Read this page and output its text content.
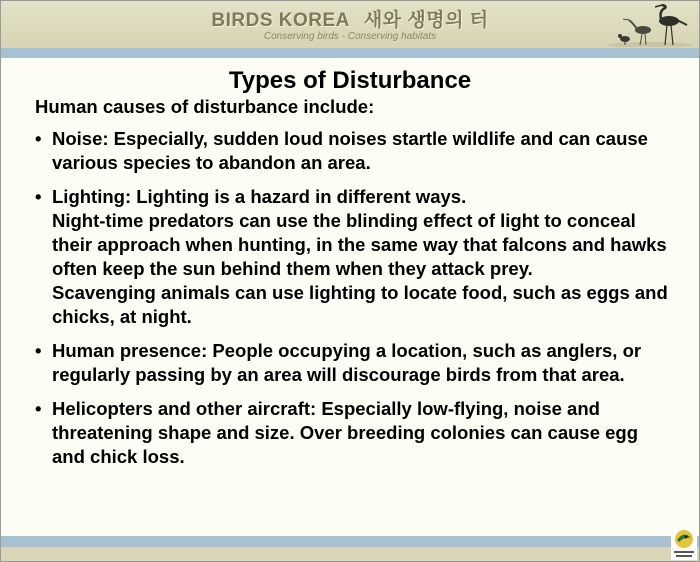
BIRDS KOREA 새와 생명의 터
Conserving birds - Conserving habitats
Types of Disturbance
Human causes of disturbance include:
• Noise: Especially, sudden loud noises startle wildlife and can cause various species to abandon an area.
• Lighting: Lighting is a hazard in different ways.
Night-time predators can use the blinding effect of light to conceal their approach when hunting, in the same way that falcons and hawks often keep the sun behind them when they attack prey.
Scavenging animals can use lighting to locate food, such as eggs and chicks, at night.
• Human presence: People occupying a location, such as anglers, or regularly passing by an area will discourage birds from that area.
• Helicopters and other aircraft: Especially low-flying, noise and threatening shape and size. Over breeding colonies can cause egg and chick loss.
